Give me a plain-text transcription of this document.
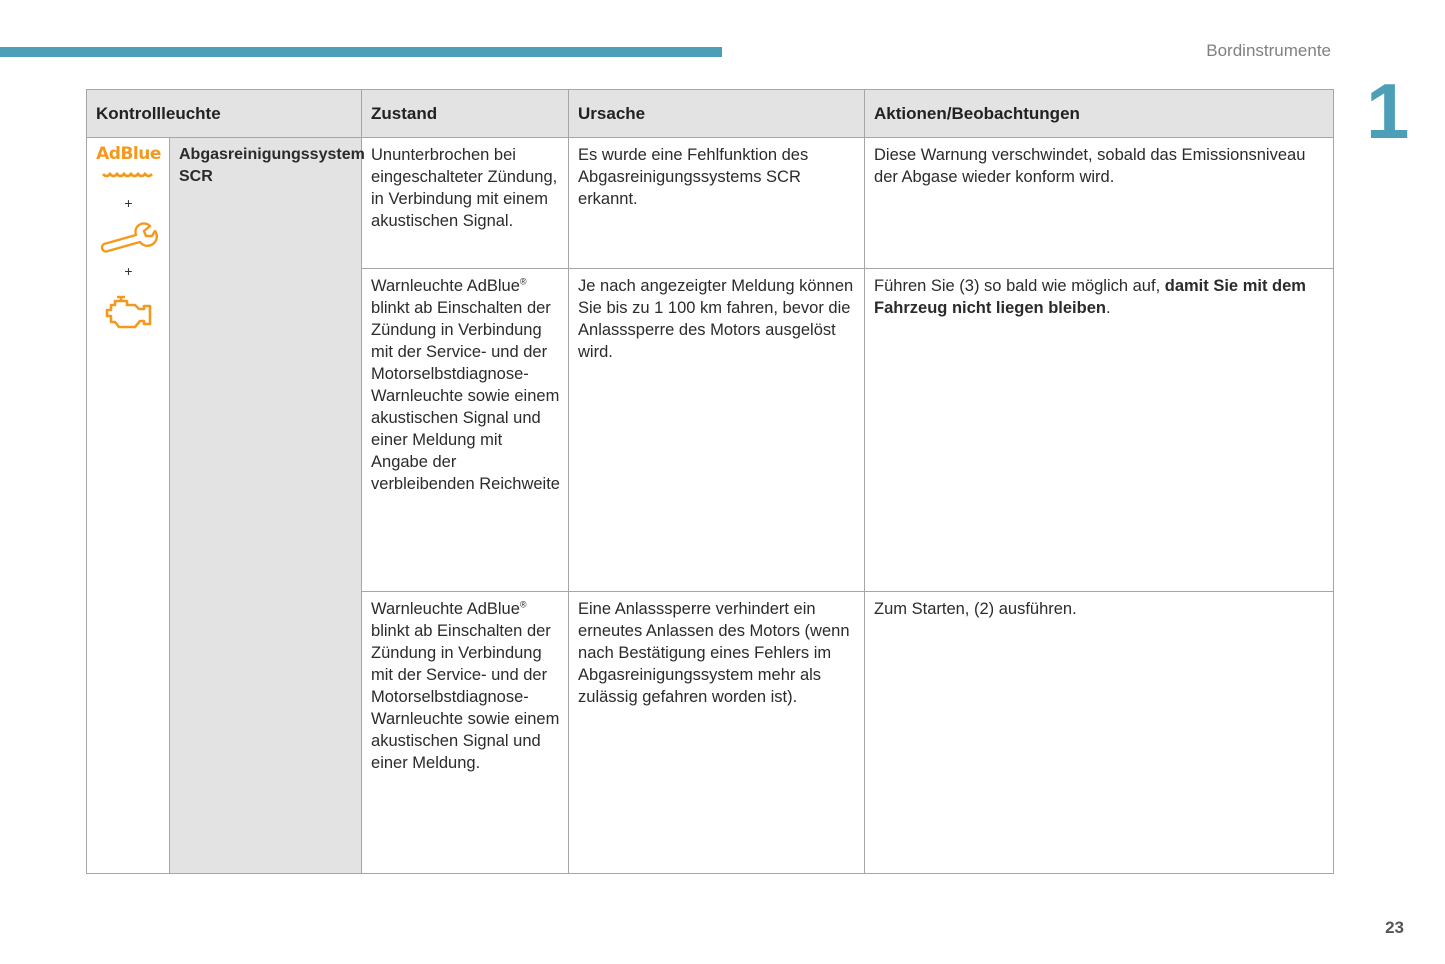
Bordinstrumente
1
Kontrollleuchte		Zustand	Ursache	Aktionen/Beobachtungen

AdBlue
+
+	Abgasreinigungssystem SCR	Ununterbrochen bei eingeschalteter Zündung, in Verbindung mit einem akustischen Signal.	Es wurde eine Fehlfunktion des Abgasreinigungssystems SCR erkannt.	Diese Warnung verschwindet, sobald das Emissionsniveau der Abgase wieder konform wird.
		Warnleuchte AdBlue® blinkt ab Einschalten der Zündung in Verbindung mit der Service- und der Motorselbstdiagnose-Warnleuchte sowie einem akustischen Signal und einer Meldung mit Angabe der verbleibenden Reichweite	Je nach angezeigter Meldung können Sie bis zu 1 100 km fahren, bevor die Anlasssperre des Motors ausgelöst wird.	Führen Sie (3) so bald wie möglich auf, damit Sie mit dem Fahrzeug nicht liegen bleiben.
		Warnleuchte AdBlue® blinkt ab Einschalten der Zündung in Verbindung mit der Service- und der Motorselbstdiagnose-Warnleuchte sowie einem akustischen Signal und einer Meldung.	Eine Anlasssperre verhindert ein erneutes Anlassen des Motors (wenn nach Bestätigung eines Fehlers im Abgasreinigungssystem mehr als zulässig gefahren worden ist).	Zum Starten, (2) ausführen.
23
